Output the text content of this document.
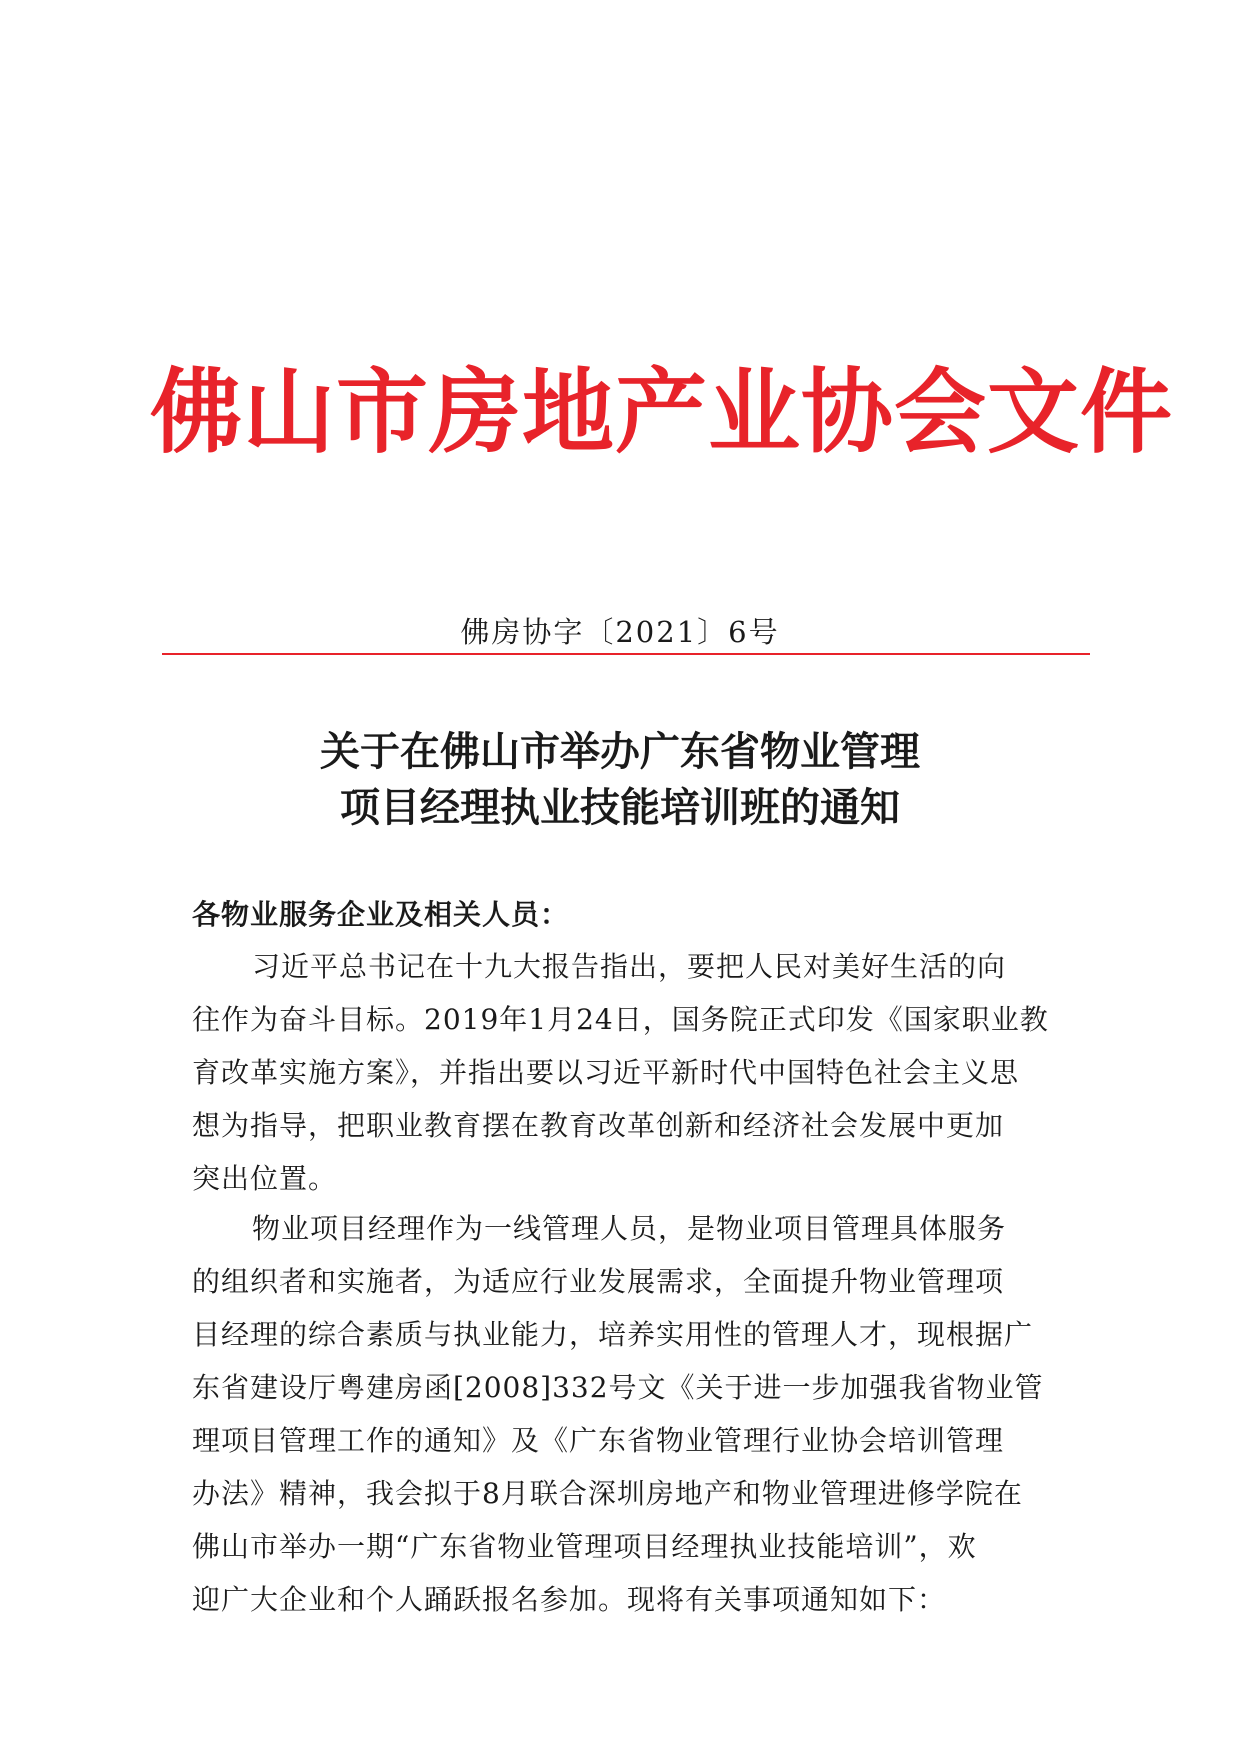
佛山市房地产业协会文件
佛房协字〔2021〕6号
关于在佛山市举办广东省物业管理
项目经理执业技能培训班的通知
各物业服务企业及相关人员：
习近平总书记在十九大报告指出，要把人民对美好生活的向
往作为奋斗目标。2019年1月24日，国务院正式印发《国家职业教
育改革实施方案》，并指出要以习近平新时代中国特色社会主义思
想为指导，把职业教育摆在教育改革创新和经济社会发展中更加
突出位置。
物业项目经理作为一线管理人员，是物业项目管理具体服务
的组织者和实施者，为适应行业发展需求，全面提升物业管理项
目经理的综合素质与执业能力，培养实用性的管理人才，现根据广
东省建设厅粤建房函[2008]332号文《关于进一步加强我省物业管
理项目管理工作的通知》及《广东省物业管理行业协会培训管理
办法》精神，我会拟于8月联合深圳房地产和物业管理进修学院在
佛山市举办一期“广东省物业管理项目经理执业技能培训”，欢
迎广大企业和个人踊跃报名参加。现将有关事项通知如下：
